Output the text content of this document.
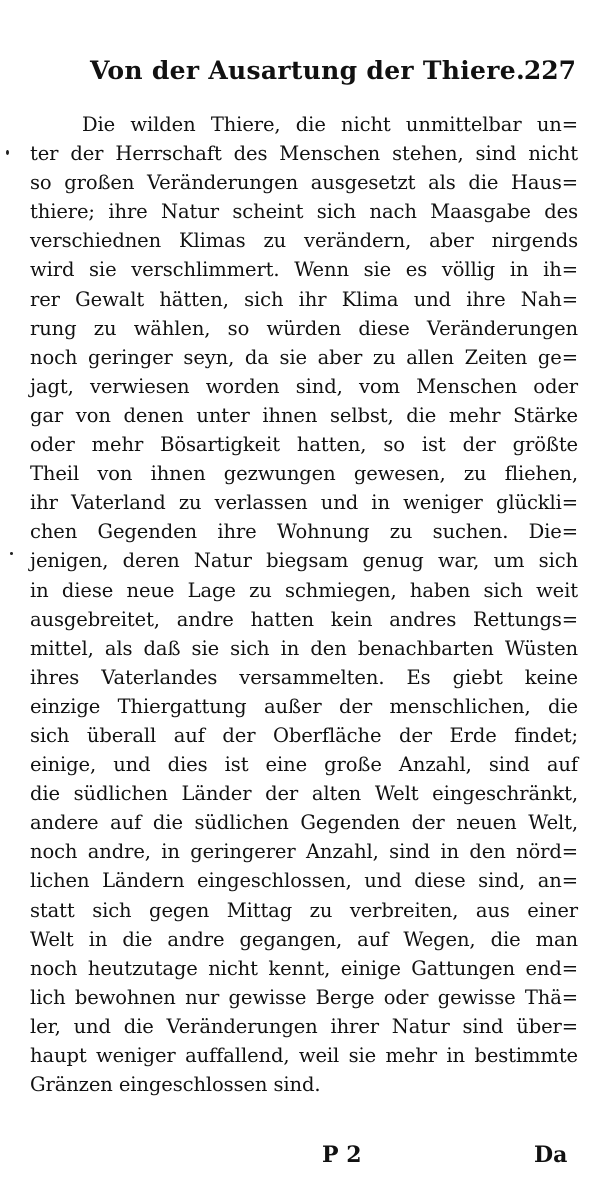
Von der Ausartung der Thiere.
227
Die wilden Thiere, die nicht unmittelbar un=
ter der Herrschaft des Menschen stehen, sind nicht
so großen Veränderungen ausgesetzt als die Haus=
thiere; ihre Natur scheint sich nach Maasgabe des
verschiednen Klimas zu verändern, aber nirgends
wird sie verschlimmert. Wenn sie es völlig in ih=
rer Gewalt hätten, sich ihr Klima und ihre Nah=
rung zu wählen, so würden diese Veränderungen
noch geringer seyn, da sie aber zu allen Zeiten ge=
jagt, verwiesen worden sind, vom Menschen oder
gar von denen unter ihnen selbst, die mehr Stärke
oder mehr Bösartigkeit hatten, so ist der größte
Theil von ihnen gezwungen gewesen, zu fliehen,
ihr Vaterland zu verlassen und in weniger glückli=
chen Gegenden ihre Wohnung zu suchen. Die=
jenigen, deren Natur biegsam genug war, um sich
in diese neue Lage zu schmiegen, haben sich weit
ausgebreitet, andre hatten kein andres Rettungs=
mittel, als daß sie sich in den benachbarten Wüsten
ihres Vaterlandes versammelten. Es giebt keine
einzige Thiergattung außer der menschlichen, die
sich überall auf der Oberfläche der Erde findet;
einige, und dies ist eine große Anzahl, sind auf
die südlichen Länder der alten Welt eingeschränkt,
andere auf die südlichen Gegenden der neuen Welt,
noch andre, in geringerer Anzahl, sind in den nörd=
lichen Ländern eingeschlossen, und diese sind, an=
statt sich gegen Mittag zu verbreiten, aus einer
Welt in die andre gegangen, auf Wegen, die man
noch heutzutage nicht kennt, einige Gattungen end=
lich bewohnen nur gewisse Berge oder gewisse Thä=
ler, und die Veränderungen ihrer Natur sind über=
haupt weniger auffallend, weil sie mehr in bestimmte
Gränzen eingeschlossen sind.
P 2	Da
